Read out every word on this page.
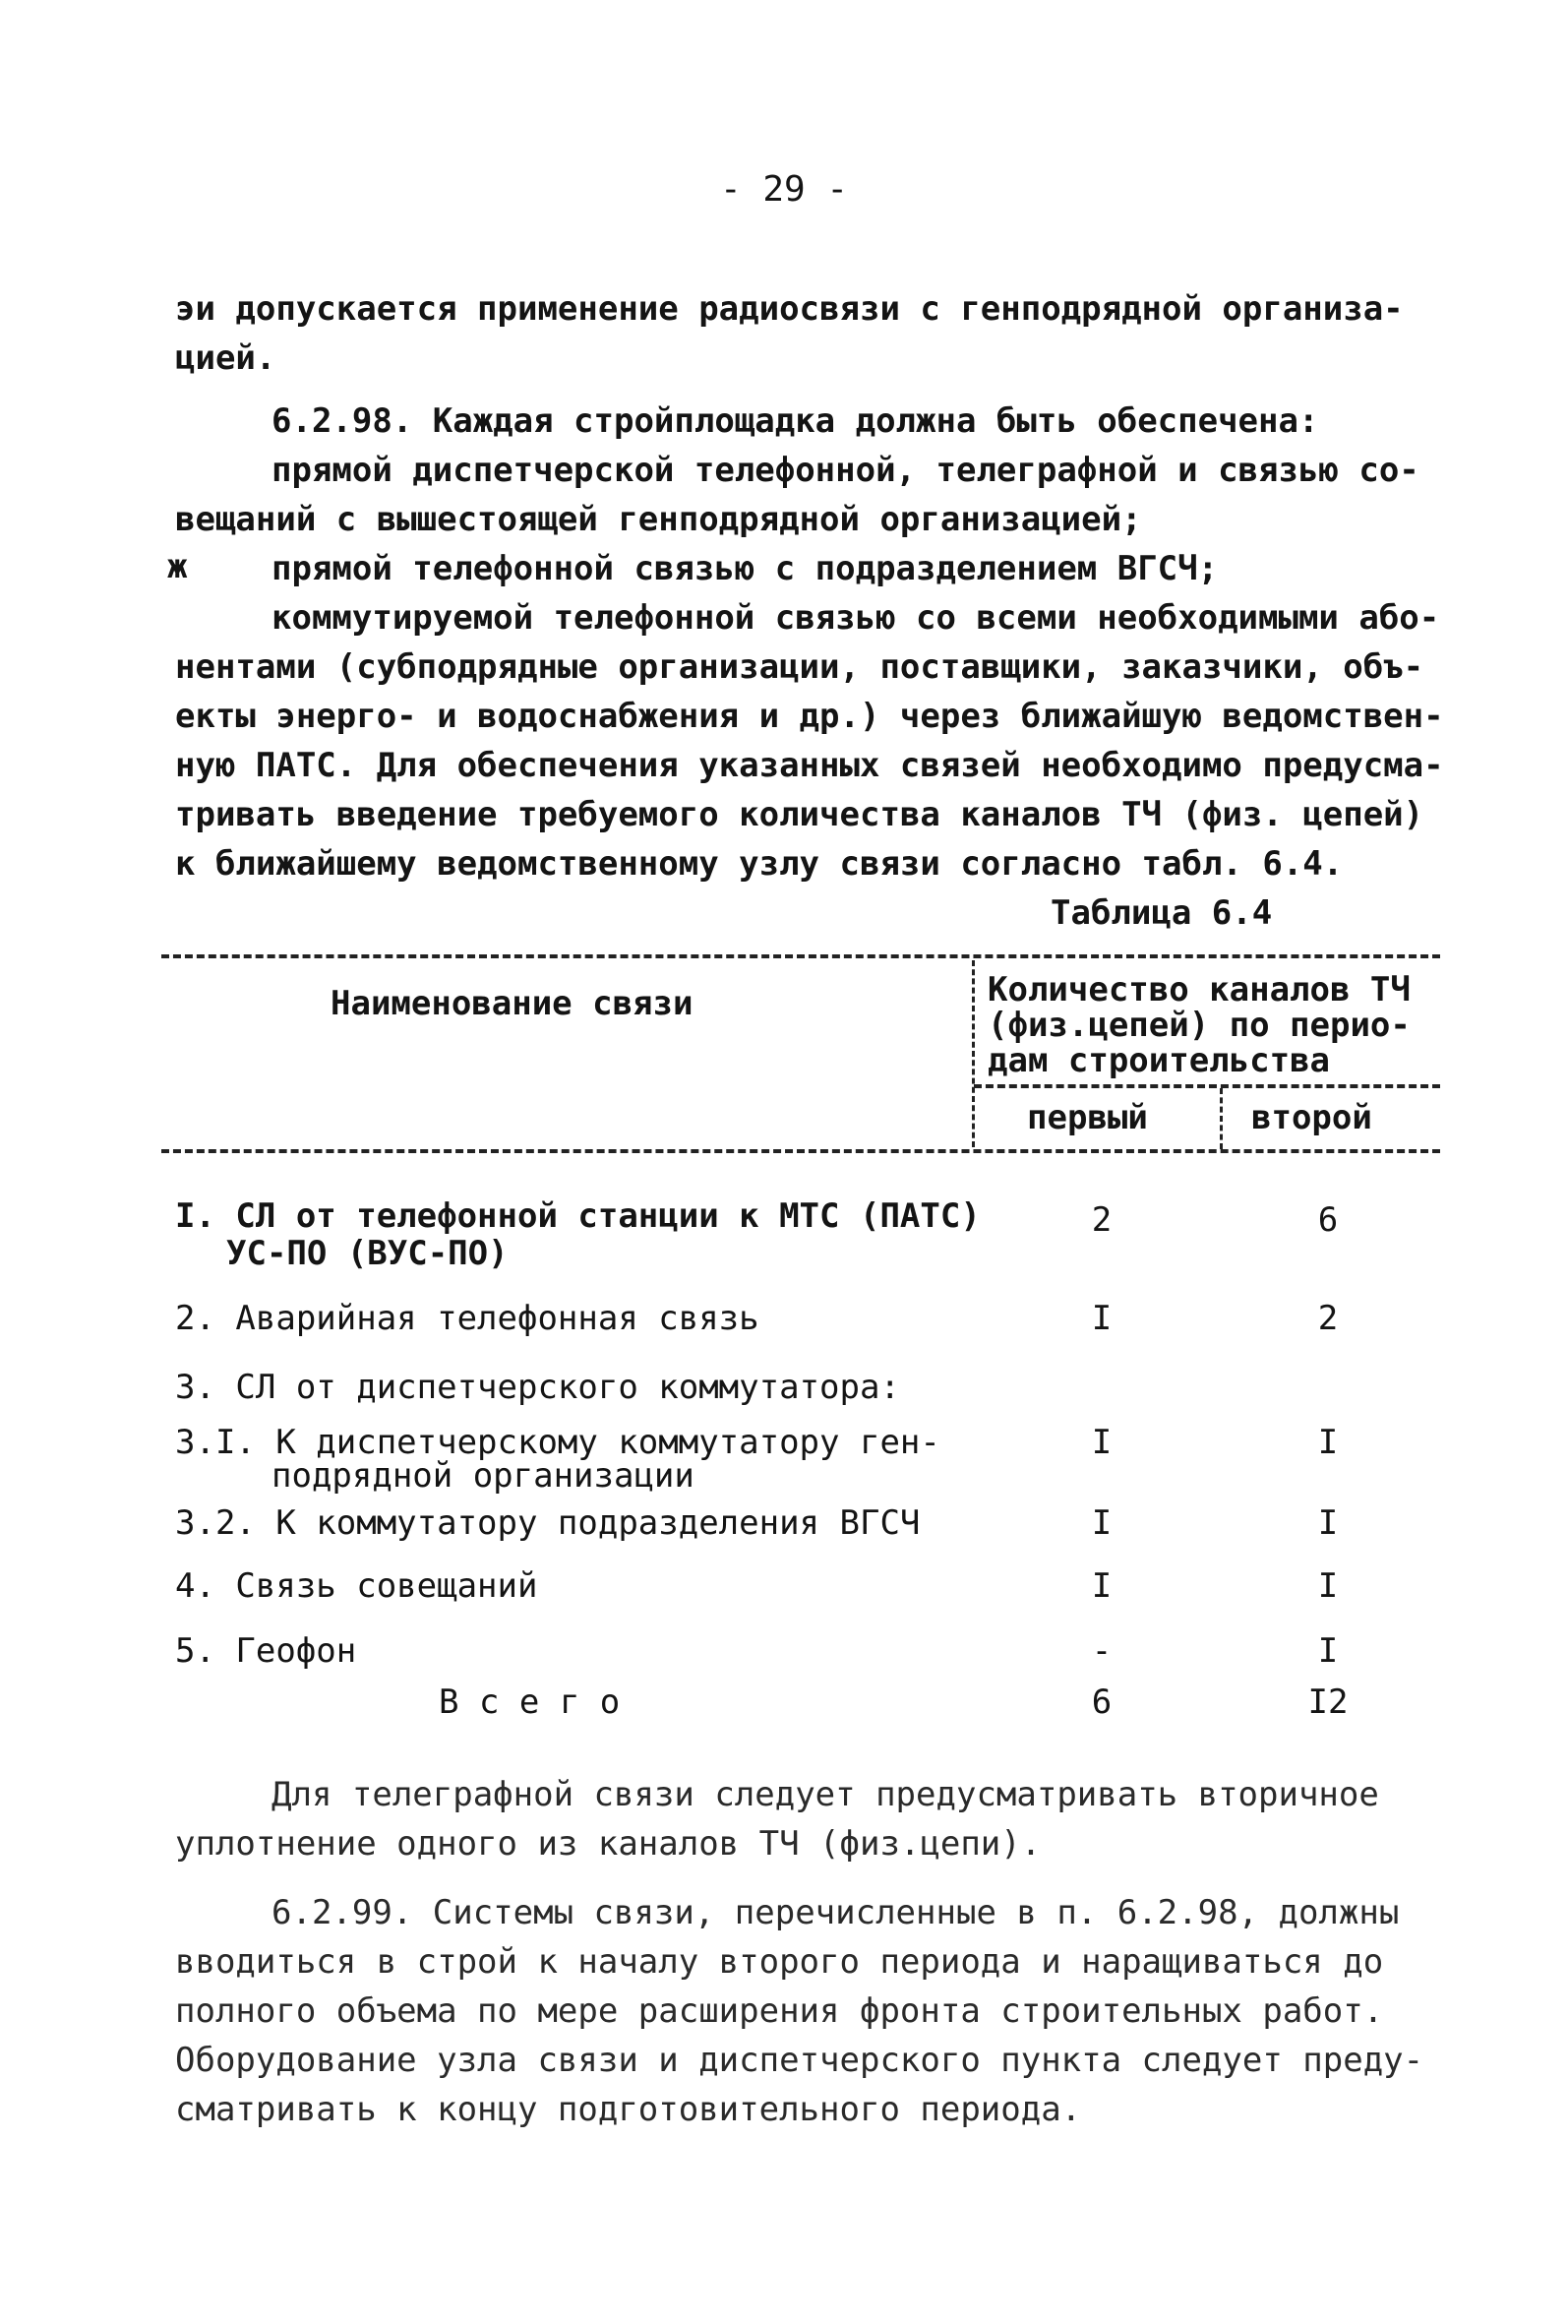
- 29 -
эи допускается применение радиосвязи с генподрядной организа-
цией.
6.2.98. Каждая стройплощадка должна быть обеспечена:
прямой диспетчерской телефонной, телеграфной и связью со-
вещаний с вышестоящей генподрядной организацией;
ж	прямой телефонной связью с подразделением ВГСЧ;
коммутируемой телефонной связью со всеми необходимыми або-
нентами (субподрядные организации, поставщики, заказчики, объ-
екты энерго- и водоснабжения и др.) через ближайшую ведомствен-
ную ПАТС. Для обеспечения указанных связей необходимо предусма-
тривать введение требуемого количества каналов ТЧ (физ. цепей)
к ближайшему ведомственному узлу связи согласно табл. 6.4.
Таблица 6.4
Наименование связи	Количество каналов ТЧ
(физ.цепей) по перио-
дам строительства
первый	второй
I. СЛ от телефонной станции к МТС (ПАТС)
УС-ПО (ВУС-ПО)
2	6
2. Аварийная телефонная связь	I	2
3. СЛ от диспетчерского коммутатора:
3.I. К диспетчерскому коммутатору ген-
подрядной организации
I	I
3.2. К коммутатору подразделения ВГСЧ	I	I
4. Связь совещаний	I	I
5. Геофон	-	I
В с е г о	6	I2
Для телеграфной связи следует предусматривать вторичное
уплотнение одного из каналов ТЧ (физ.цепи).
6.2.99. Системы связи, перечисленные в п. 6.2.98, должны
вводиться в строй к началу второго периода и наращиваться до
полного объема по мере расширения фронта строительных работ.
Оборудование узла связи и диспетчерского пункта следует преду-
сматривать к концу подготовительного периода.
